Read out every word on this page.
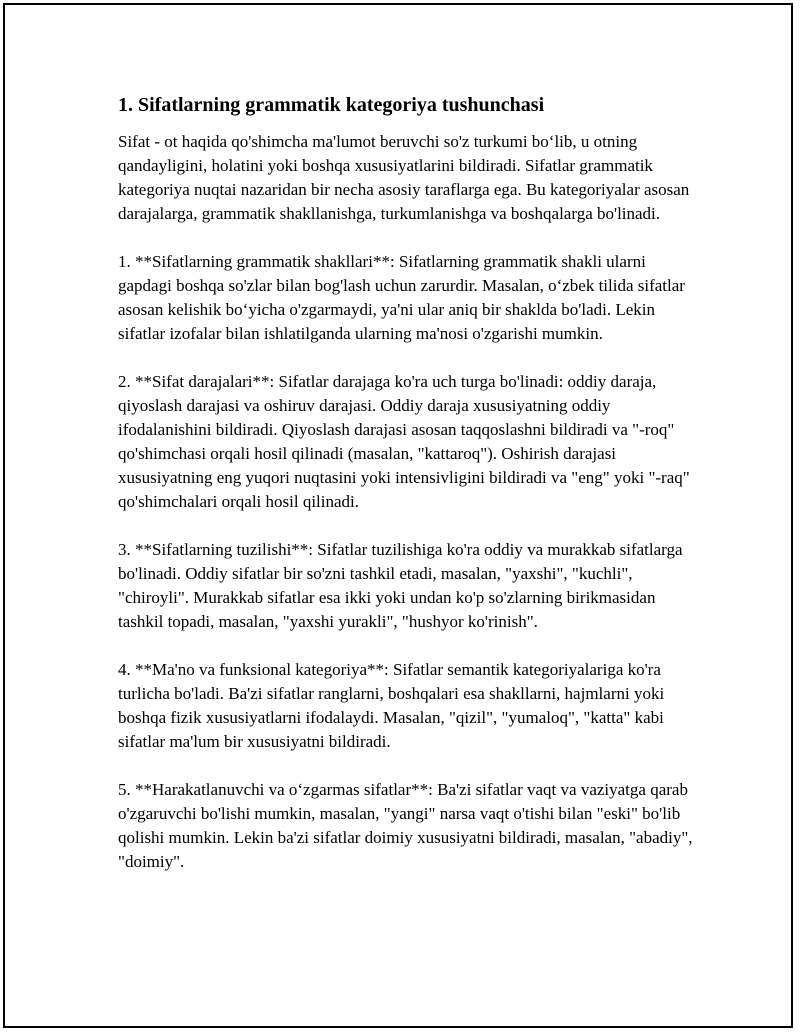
1. Sifatlarning grammatik kategoriya tushunchasi

Sifat - ot haqida qo'shimcha ma'lumot beruvchi so'z turkumi bo‘lib, u otning qandayligini, holatini yoki boshqa xususiyatlarini bildiradi. Sifatlar grammatik kategoriya nuqtai nazaridan bir necha asosiy taraflarga ega. Bu kategoriyalar asosan darajalarga, grammatik shakllanishga, turkumlanishga va boshqalarga bo'linadi.

1. **Sifatlarning grammatik shakllari**: Sifatlarning grammatik shakli ularni gapdagi boshqa so'zlar bilan bog'lash uchun zarurdir. Masalan, o‘zbek tilida sifatlar asosan kelishik bo‘yicha o'zgarmaydi, ya'ni ular aniq bir shaklda bo'ladi. Lekin sifatlar izofalar bilan ishlatilganda ularning ma'nosi o'zgarishi mumkin.

2. **Sifat darajalari**: Sifatlar darajaga ko'ra uch turga bo'linadi: oddiy daraja, qiyoslash darajasi va oshiruv darajasi. Oddiy daraja xususiyatning oddiy ifodalanishini bildiradi. Qiyoslash darajasi asosan taqqoslashni bildiradi va "-roq" qo'shimchasi orqali hosil qilinadi (masalan, "kattaroq"). Oshirish darajasi xususiyatning eng yuqori nuqtasini yoki intensivligini bildiradi va "eng" yoki "-raq" qo'shimchalari orqali hosil qilinadi.

3. **Sifatlarning tuzilishi**: Sifatlar tuzilishiga ko'ra oddiy va murakkab sifatlarga bo'linadi. Oddiy sifatlar bir so'zni tashkil etadi, masalan, "yaxshi", "kuchli", "chiroyli". Murakkab sifatlar esa ikki yoki undan ko'p so'zlarning birikmasidan tashkil topadi, masalan, "yaxshi yurakli", "hushyor ko'rinish".

4. **Ma'no va funksional kategoriya**: Sifatlar semantik kategoriyalariga ko'ra turlicha bo'ladi. Ba'zi sifatlar ranglarni, boshqalari esa shakllarni, hajmlarni yoki boshqa fizik xususiyatlarni ifodalaydi. Masalan, "qizil", "yumaloq", "katta" kabi sifatlar ma'lum bir xususiyatni bildiradi.

5. **Harakatlanuvchi va o‘zgarmas sifatlar**: Ba'zi sifatlar vaqt va vaziyatga qarab o'zgaruvchi bo'lishi mumkin, masalan, "yangi" narsa vaqt o'tishi bilan "eski" bo'lib qolishi mumkin. Lekin ba'zi sifatlar doimiy xususiyatni bildiradi, masalan, "abadiy", "doimiy".
